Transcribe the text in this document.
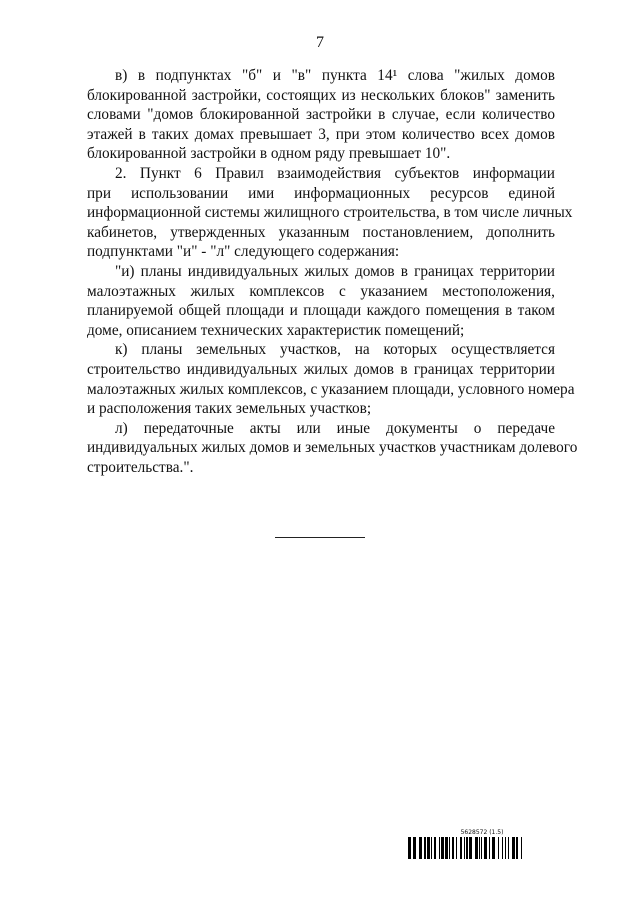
7
в) в подпунктах "б" и "в" пункта 14¹ слова "жилых домов
блокированной застройки, состоящих из нескольких блоков" заменить
словами "домов блокированной застройки в случае, если количество
этажей в таких домах превышает 3, при этом количество всех домов
блокированной застройки в одном ряду превышает 10".
2. Пункт 6 Правил взаимодействия субъектов информации
при использовании ими информационных ресурсов единой
информационной системы жилищного строительства, в том числе личных
кабинетов, утвержденных указанным постановлением, дополнить
подпунктами "и" - "л" следующего содержания:
"и) планы индивидуальных жилых домов в границах территории
малоэтажных жилых комплексов с указанием местоположения,
планируемой общей площади и площади каждого помещения в таком
доме, описанием технических характеристик помещений;
к) планы земельных участков, на которых осуществляется
строительство индивидуальных жилых домов в границах территории
малоэтажных жилых комплексов, с указанием площади, условного номера
и расположения таких земельных участков;
л) передаточные акты или иные документы о передаче
индивидуальных жилых домов и земельных участков участникам долевого
строительства.".
5628572 (1.5)
